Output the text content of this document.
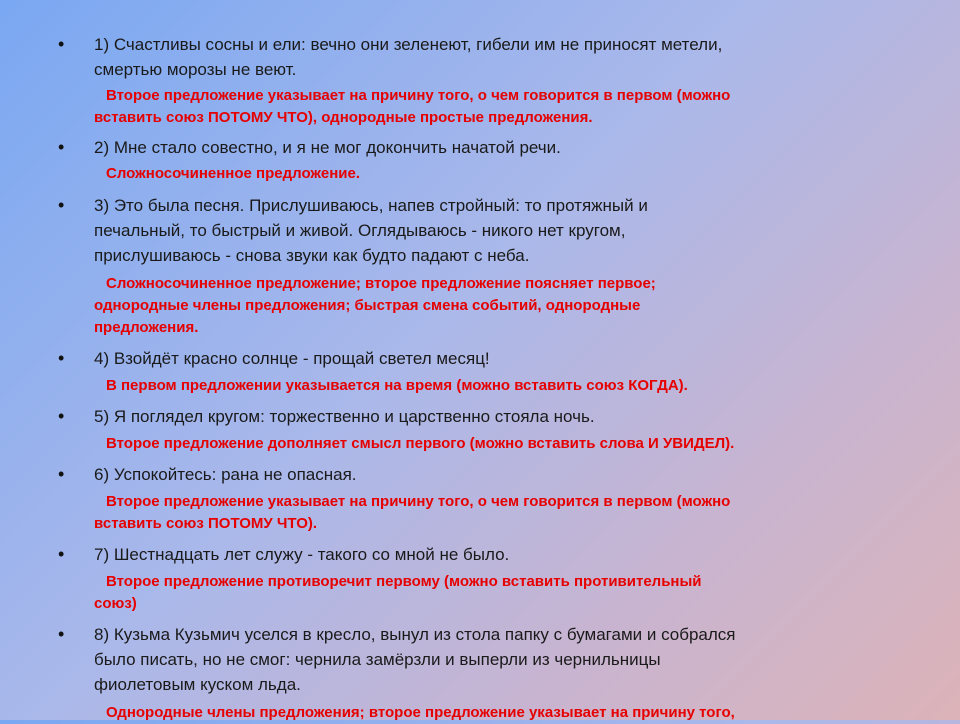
• 1) Счастливы сосны и ели: вечно они зеленеют, гибели им не приносят метели,
смертью морозы не веют.
Второе предложение указывает на причину того, о чем говорится в первом (можно
вставить союз ПОТОМУ ЧТО), однородные простые предложения.
• 2) Мне стало совестно, и я не мог докончить начатой речи.
Сложносочиненное предложение.
• 3) Это была песня. Прислушиваюсь, напев стройный: то протяжный и
печальный, то быстрый и живой. Оглядываюсь - никого нет кругом,
прислушиваюсь - снова звуки как будто падают с неба.
Сложносочиненное предложение; второе предложение поясняет первое;
однородные члены предложения; быстрая смена событий, однородные
предложения.
• 4) Взойдёт красно солнце - прощай светел месяц!
В первом предложении указывается на время (можно вставить союз КОГДА).
• 5) Я поглядел кругом: торжественно и царственно стояла ночь.
Второе предложение дополняет смысл первого (можно вставить слова И УВИДЕЛ).
• 6) Успокойтесь: рана не опасная.
Второе предложение указывает на причину того, о чем говорится в первом (можно
вставить союз ПОТОМУ ЧТО).
• 7) Шестнадцать лет служу - такого со мной не было.
Второе предложение противоречит первому (можно вставить противительный
союз)
• 8) Кузьма Кузьмич уселся в кресло, вынул из стола папку с бумагами и собрался
было писать, но не смог: чернила замёрзли и выперли из чернильницы
фиолетовым куском льда.
Однородные члены предложения; второе предложение указывает на причину того,
